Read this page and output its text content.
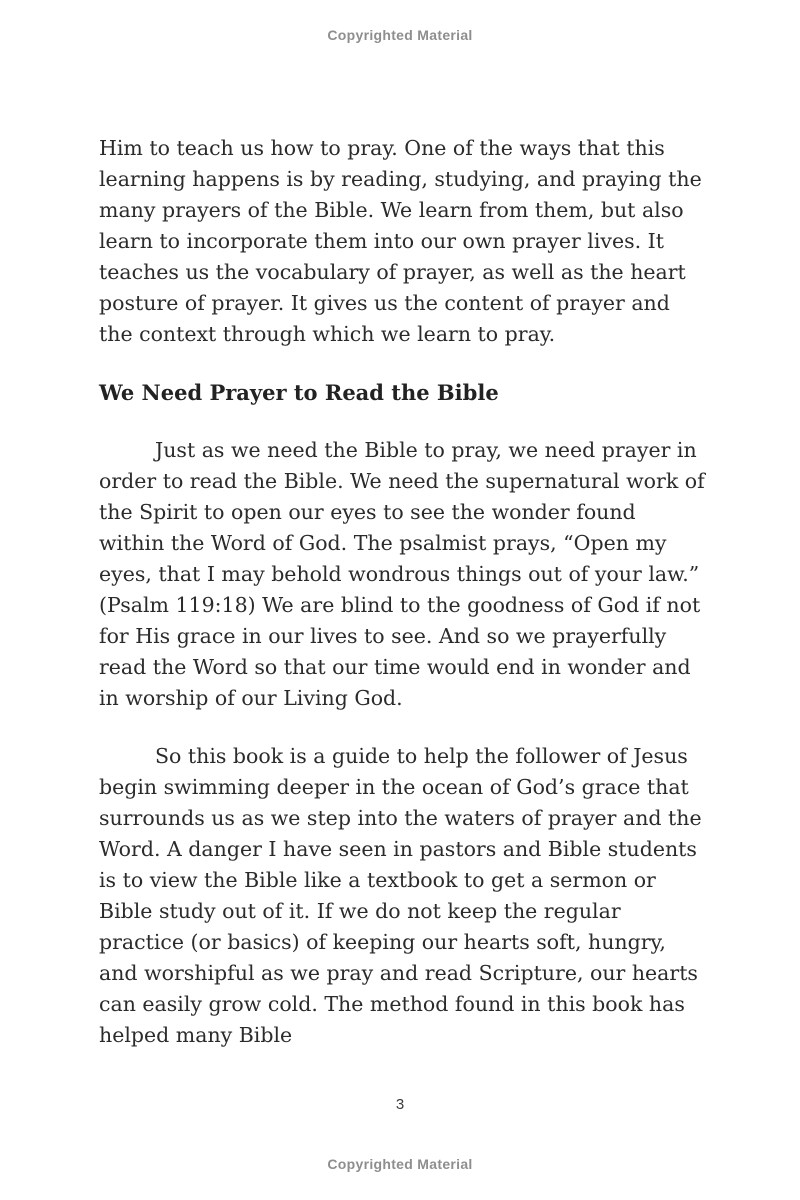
Copyrighted Material

Him to teach us how to pray. One of the ways that this learning happens is by reading, studying, and praying the many prayers of the Bible. We learn from them, but also learn to incorporate them into our own prayer lives. It teaches us the vocabulary of prayer, as well as the heart posture of prayer. It gives us the content of prayer and the context through which we learn to pray.

We Need Prayer to Read the Bible

Just as we need the Bible to pray, we need prayer in order to read the Bible. We need the supernatural work of the Spirit to open our eyes to see the wonder found within the Word of God. The psalmist prays, “Open my eyes, that I may behold wondrous things out of your law.” (Psalm 119:18) We are blind to the goodness of God if not for His grace in our lives to see. And so we prayerfully read the Word so that our time would end in wonder and in worship of our Living God.

So this book is a guide to help the follower of Jesus begin swimming deeper in the ocean of God’s grace that surrounds us as we step into the waters of prayer and the Word. A danger I have seen in pastors and Bible students is to view the Bible like a textbook to get a sermon or Bible study out of it. If we do not keep the regular practice (or basics) of keeping our hearts soft, hungry, and worshipful as we pray and read Scripture, our hearts can easily grow cold. The method found in this book has helped many Bible

3
Copyrighted Material
